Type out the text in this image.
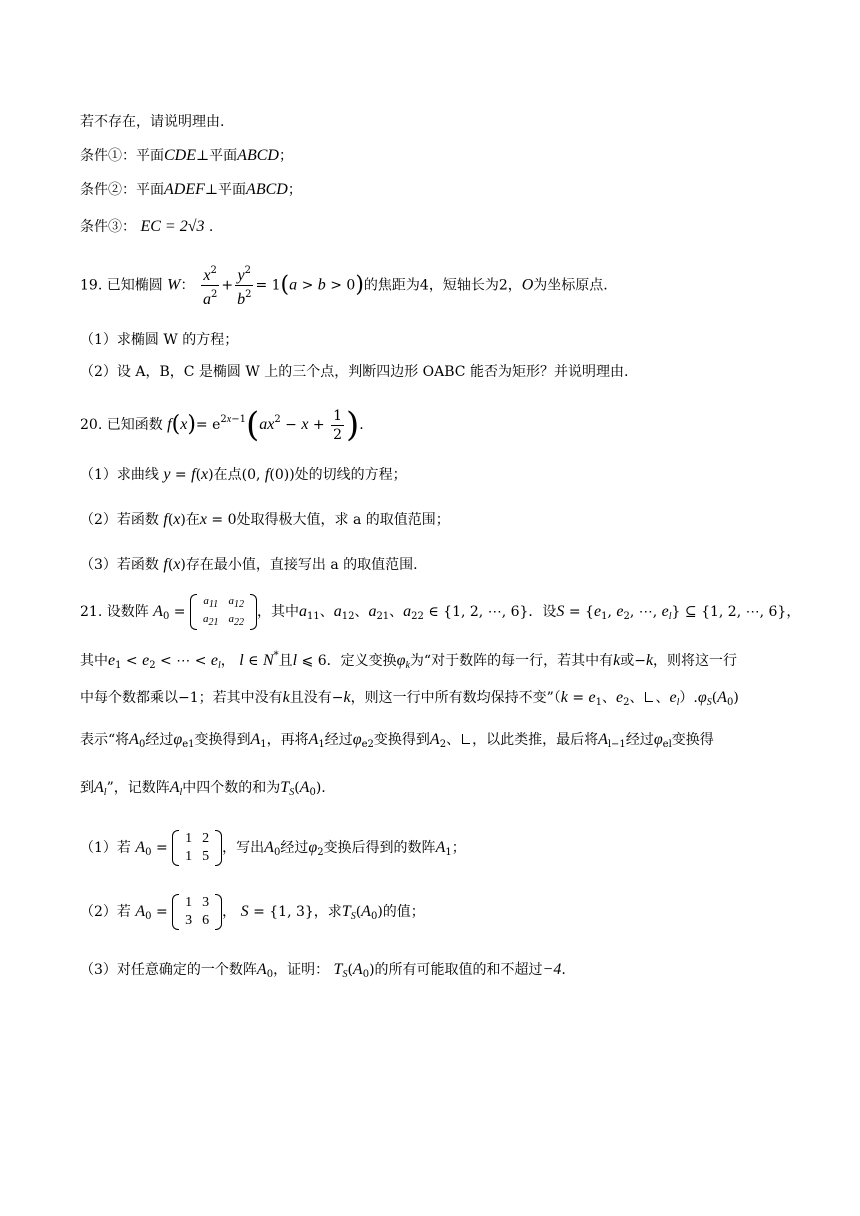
若不存在，请说明理由.
条件①：平面CDE⊥平面ABCD；
条件②：平面ADEF⊥平面ABCD；
条件③： EC = 2√3 .
19. 已知椭圆 W： $\frac{x^2}{a^2} + \frac{y^2}{b^2} = 1(a > b > 0)$的焦距为4，短轴长为2，O为坐标原点.
（1）求椭圆 W 的方程；
（2）设 A，B，C 是椭圆 W 上的三个点，判断四边形 OABC 能否为矩形？并说明理由.
20. 已知函数 $f(x)= e^{2x-1}(ax^2 - x + \frac{1}{2}$ ).
（1）求曲线 y = f(x)在点(0, f(0))处的切线的方程；
（2）若函数 f(x)在x = 0处取得极大值，求 a 的取值范围；
（3）若函数 f(x)存在最小值，直接写出 a 的取值范围.
21. 设数阵 $A_0$ =
a11	a12
a21	a22
，其中$a_{11}$、$a_{12}$、$a_{21}$、$a_{22}$ ∈ {1, 2, ⋯, 6}．设$S = \{e_1$, $e_2$, ⋯, $e_l$} ⊆ {1, 2, ⋯, 6}，
其中$e_1 < e_2$ < ⋯ < $e_l$， l ∈ N*且l ⩽ 6．定义变换$\varphi_k$为“对于数阵的每一行，若其中有k或−k，则将这一行
中每个数都乘以−1；若其中没有k且没有−k，则这一行中所有数均保持不变”（k = $e_1$、$e_2$、 、$e_l).\varphi_S(A_0)$
表示“将$A_0$经过$\varphi_{e1}$变换得到$A_1$，再将$A_1$经过$\varphi_{e2}$变换得到$A_2$、 ，以此类推，最后将$A_{l-1}$经过$\varphi_{el}$变换得
到$A_l$”，记数阵$A_l$中四个数的和为$T_S(A_0)$.
（1）若 $A_0$ =
1	2
1	5
，写出$A_0$经过$\varphi_2$变换后得到的数阵$A_1$；
（2）若 $A_0$ =
1	3
3	6
， S = {1, 3}，求$T_S(A_0)$的值；
（3）对任意确定的一个数阵$A_0$，证明： $T_S(A_0)$的所有可能取值的和不超过−4.
